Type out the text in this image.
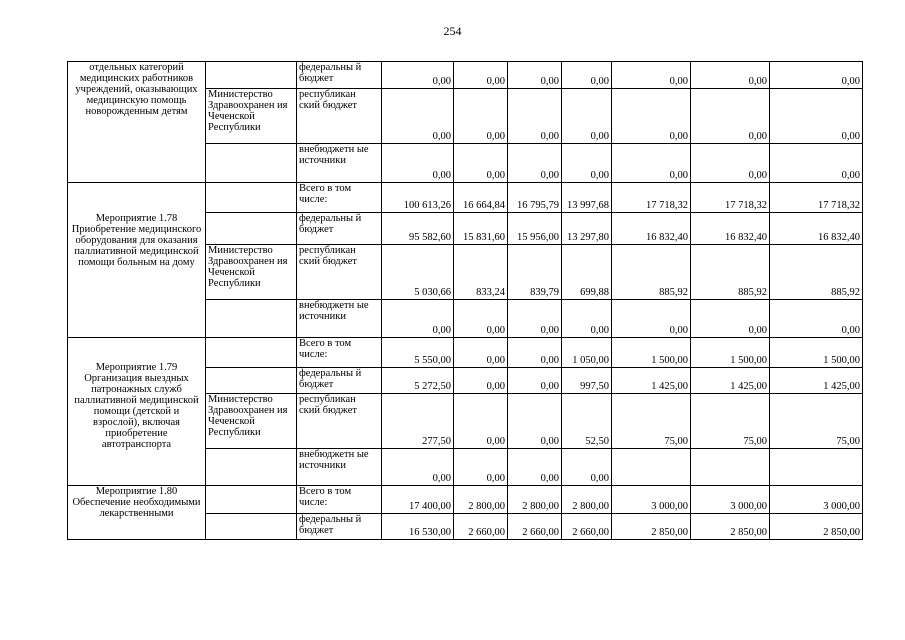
254
отдельных категорий медицинских работников учреждений, оказывающих медицинскую помощь новорожденным детям		федеральны й бюджет	0,00	0,00	0,00	0,00	0,00	0,00	0,00
	Министерство Здравоохранен ия Чеченской Республики	республикан ский бюджет	0,00	0,00	0,00	0,00	0,00	0,00	0,00
		внебюджетн ые источники	0,00	0,00	0,00	0,00	0,00	0,00	0,00
Мероприятие 1.78 Приобретение медицинского оборудования для оказания паллиативной медицинской помощи больным на дому		Всего в том числе:	100 613,26	16 664,84	16 795,79	13 997,68	17 718,32	17 718,32	17 718,32
		федеральны й бюджет	95 582,60	15 831,60	15 956,00	13 297,80	16 832,40	16 832,40	16 832,40
	Министерство Здравоохранен ия Чеченской Республики	республикан ский бюджет	5 030,66	833,24	839,79	699,88	885,92	885,92	885,92
		внебюджетн ые источники	0,00	0,00	0,00	0,00	0,00	0,00	0,00
Мероприятие 1.79 Организация выездных патронажных служб паллиативной медицинской помощи (детской и взрослой), включая приобретение автотранспорта		Всего в том числе:	5 550,00	0,00	0,00	1 050,00	1 500,00	1 500,00	1 500,00
		федеральны й бюджет	5 272,50	0,00	0,00	997,50	1 425,00	1 425,00	1 425,00
	Министерство Здравоохранен ия Чеченской Республики	республикан ский бюджет	277,50	0,00	0,00	52,50	75,00	75,00	75,00
		внебюджетн ые источники	0,00	0,00	0,00	0,00			
Мероприятие 1.80 Обеспечение необходимыми лекарственными		Всего в том числе:	17 400,00	2 800,00	2 800,00	2 800,00	3 000,00	3 000,00	3 000,00
		федеральны й бюджет	16 530,00	2 660,00	2 660,00	2 660,00	2 850,00	2 850,00	2 850,00
